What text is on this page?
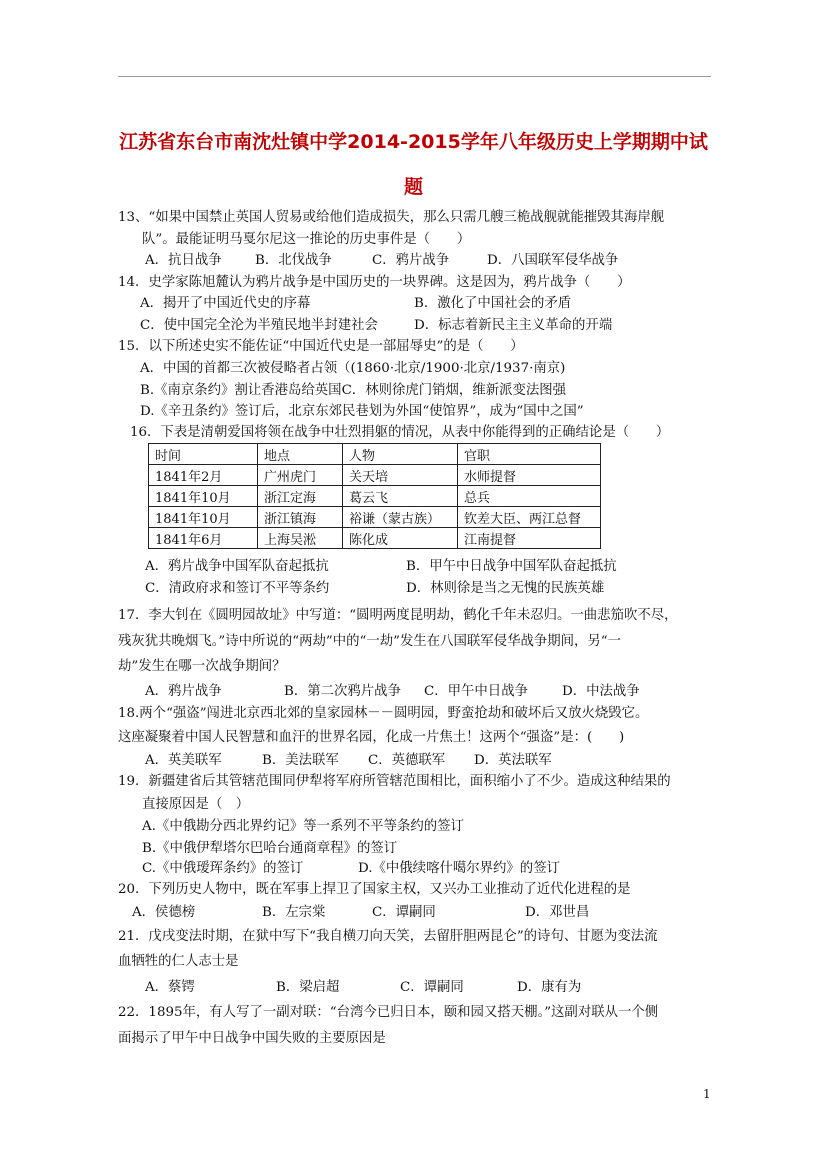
江苏省东台市南沈灶镇中学2014-2015学年八年级历史上学期期中试
题
13、“如果中国禁止英国人贸易或给他们造成损失，那么只需几艘三桅战舰就能摧毁其海岸舰
队”。最能证明马戛尔尼这一推论的历史事件是（　　）
A．抗日战争 B．北伐战争	C．鸦片战争	D．八国联军侵华战争
14．史学家陈旭麓认为鸦片战争是中国历史的一块界碑。这是因为，鸦片战争（　　）
A．揭开了中国近代史的序幕	B．激化了中国社会的矛盾
C．使中国完全沦为半殖民地半封建社会	D．标志着新民主主义革命的开端
15．以下所述史实不能佐证“中国近代史是一部屈辱史”的是（　　）
A．中国的首都三次被侵略者占领（(1860·北京/1900·北京/1937·南京)
B.《南京条约》割让香港岛给英国C．林则徐虎门销烟，维新派变法图强
D.《辛丑条约》签订后，北京东郊民巷划为外国“使馆界”，成为“国中之国”
16．下表是清朝爱国将领在战争中壮烈捐躯的情况，从表中你能得到的正确结论是（　　）
时间	地点	人物	官职
1841年2月	广州虎门	关天培	水师提督
1841年10月	浙江定海	葛云飞	总兵
1841年10月	浙江镇海	裕谦（蒙古族）	钦差大臣、两江总督
1841年6月	上海吴淞	陈化成	江南提督
A．鸦片战争中国军队奋起抵抗	B．甲午中日战争中国军队奋起抵抗
C．清政府求和签订不平等条约	D．林则徐是当之无愧的民族英雄
17．李大钊在《圆明园故址》中写道：“圆明两度昆明劫，鹤化千年未忍归。一曲悲笳吹不尽，
残灰犹共晚烟飞。”诗中所说的“两劫”中的“一劫”发生在八国联军侵华战争期间，另“一
劫”发生在哪一次战争期间？
A．鸦片战争	B．第二次鸦片战争 C．甲午中日战争	D．中法战争
18.两个“强盗”闯进北京西北郊的皇家园林－－圆明园，野蛮抢劫和破坏后又放火烧毁它。
这座凝聚着中国人民智慧和血汗的世界名园，化成一片焦土！这两个“强盗”是：(　　)
A．英美联军	B．美法联军 C．英德联军 D．英法联军
19．新疆建省后其管辖范围同伊犁将军府所管辖范围相比，面积缩小了不少。造成这种结果的
直接原因是（　）
A.《中俄勘分西北界约记》等一系列不平等条约的签订
B.《中俄伊犁塔尔巴哈台通商章程》的签订
C.《中俄瑷珲条约》的签订	D.《中俄续喀什噶尔界约》的签订
20．下列历史人物中，既在军事上捍卫了国家主权，又兴办工业推动了近代化进程的是
A．侯德榜	B．左宗棠	C．谭嗣同	D．邓世昌
21．戊戌变法时期，在狱中写下“我自横刀向天笑，去留肝胆两昆仑”的诗句、甘愿为变法流
血牺牲的仁人志士是
A．蔡锷	B．梁启超	C．谭嗣同	D．康有为
22．1895年，有人写了一副对联：“台湾今已归日本，颐和园又搭天棚。”这副对联从一个侧
面揭示了甲午中日战争中国失败的主要原因是
1
